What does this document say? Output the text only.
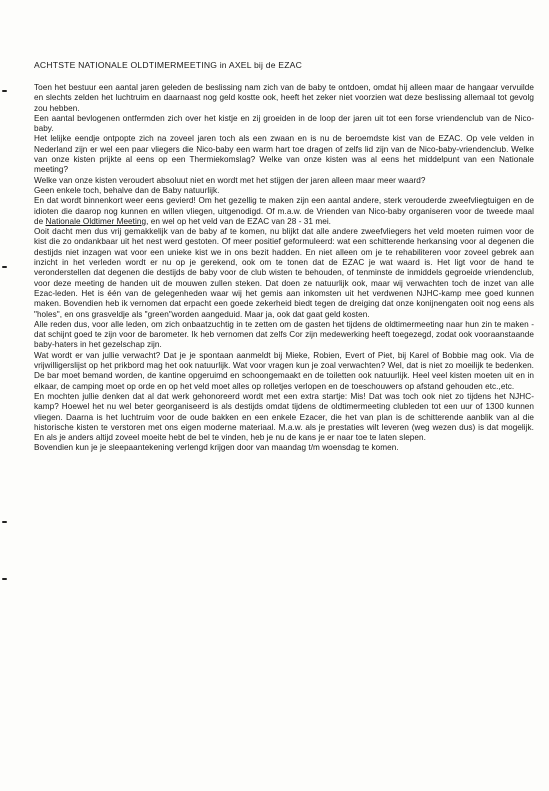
ACHTSTE NATIONALE OLDTIMERMEETING in AXEL bij de EZAC

Toen het bestuur een aantal jaren geleden de beslissing nam zich van de baby te ontdoen, omdat hij alleen maar de hangaar vervuilde en slechts zelden het luchtruim en daarnaast nog geld kostte ook, heeft het zeker niet voorzien wat deze beslissing allemaal tot gevolg zou hebben.

Een aantal bevlogenen ontfermden zich over het kistje en zij groeiden in de loop der jaren uit tot een forse vriendenclub van de Nico-baby.

Het lelijke eendje ontpopte zich na zoveel jaren toch als een zwaan en is nu de beroemdste kist van de EZAC. Op vele velden in Nederland zijn er wel een paar vliegers die Nico-baby een warm hart toe dragen of zelfs lid zijn van de Nico-baby-vriendenclub. Welke van onze kisten prijkte al eens op een Thermiekomslag? Welke van onze kisten was al eens het middelpunt van een Nationale meeting?

Welke van onze kisten veroudert absoluut niet en wordt met het stijgen der jaren alleen maar meer waard?

Geen enkele toch, behalve dan de Baby natuurlijk.

En dat wordt binnenkort weer eens gevierd! Om het gezellig te maken zijn een aantal andere, sterk verouderde zweefvliegtuigen en de idioten die daarop nog kunnen en willen vliegen, uitgenodigd. Of m.a.w. de Vrienden van Nico-baby organiseren voor de tweede maal de Nationale Oldtimer Meeting, en wel op het veld van de EZAC van 28 - 31 mei.

Ooit dacht men dus vrij gemakkelijk van de baby af te komen, nu blijkt dat alle andere zweefvliegers het veld moeten ruimen voor de kist die zo ondankbaar uit het nest werd gestoten. Of meer positief geformuleerd: wat een schitterende herkansing voor al degenen die destijds niet inzagen wat voor een unieke kist we in ons bezit hadden. En niet alleen om je te rehabiliteren voor zoveel gebrek aan inzicht in het verleden wordt er nu op je gerekend, ook om te tonen dat de EZAC je wat waard is. Het ligt voor de hand te veronderstellen dat degenen die destijds de baby voor de club wisten te behouden, of tenminste de inmiddels gegroeide vriendenclub, voor deze meeting de handen uit de mouwen zullen steken. Dat doen ze natuurlijk ook, maar wij verwachten toch de inzet van alle Ezac-leden. Het is één van de gelegenheden waar wij het gemis aan inkomsten uit het verdwenen NJHC-kamp mee goed kunnen maken. Bovendien heb ik vernomen dat erpacht een goede zekerheid biedt tegen de dreiging dat onze konijnengaten ooit nog eens als "holes", en ons grasveldje als "green"worden aangeduid. Maar ja, ook dat gaat geld kosten.

Alle reden dus, voor alle leden, om zich onbaatzuchtig in te zetten om de gasten het tijdens de oldtimermeeting naar hun zin te maken - dat schijnt goed te zijn voor de barometer. Ik heb vernomen dat zelfs Cor zijn medewerking heeft toegezegd, zodat ook vooraanstaande baby-haters in het gezelschap zijn.

Wat wordt er van jullie verwacht? Dat je je spontaan aanmeldt bij Mieke, Robien, Evert of Piet, bij Karel of Bobbie mag ook. Via de vrijwilligerslijst op het prikbord mag het ook natuurlijk. Wat voor vragen kun je zoal verwachten? Wel, dat is niet zo moeilijk te bedenken. De bar moet bemand worden, de kantine opgeruimd en schoongemaakt en de toiletten ook natuurlijk. Heel veel kisten moeten uit en in elkaar, de camping moet op orde en op het veld moet alles op rolletjes verlopen en de toeschouwers op afstand gehouden etc.,etc.

En mochten jullie denken dat al dat werk gehonoreerd wordt met een extra startje: Mis! Dat was toch ook niet zo tijdens het NJHC-kamp? Hoewel het nu wel beter georganiseerd is als destijds omdat tijdens de oldtimermeeting clubleden tot een uur of 1300 kunnen vliegen. Daarna is het luchtruim voor de oude bakken en een enkele Ezacer, die het van plan is de schitterende aanblik van al die historische kisten te verstoren met ons eigen moderne materiaal. M.a.w. als je prestaties wilt leveren (weg wezen dus) is dat mogelijk. En als je anders altijd zoveel moeite hebt de bel te vinden, heb je nu de kans je er naar toe te laten slepen.

Bovendien kun je je sleepaantekening verlengd krijgen door van maandag t/m woensdag te komen.
